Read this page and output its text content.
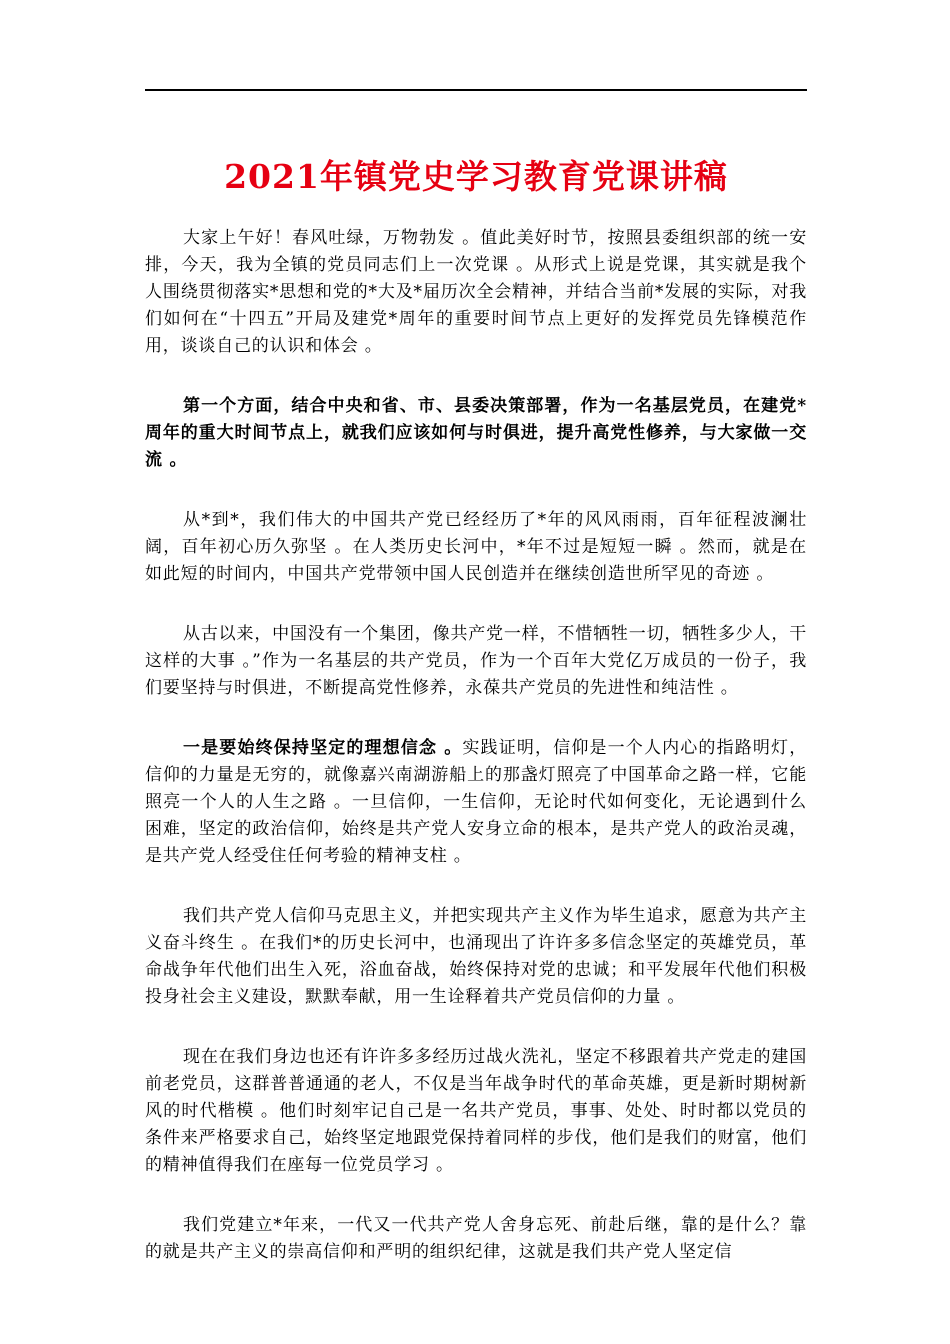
2021年镇党史学习教育党课讲稿

大家上午好！春风吐绿，万物勃发 。值此美好时节，按照县委组织部的统一安排，今天，我为全镇的党员同志们上一次党课 。从形式上说是党课，其实就是我个人围绕贯彻落实*思想和党的*大及*届历次全会精神，并结合当前*发展的实际，对我们如何在“十四五”开局及建党*周年的重要时间节点上更好的发挥党员先锋模范作用，谈谈自己的认识和体会 。

第一个方面，结合中央和省、市、县委决策部署，作为一名基层党员，在建党*周年的重大时间节点上，就我们应该如何与时俱进，提升高党性修养，与大家做一交流 。

从*到*，我们伟大的中国共产党已经经历了*年的风风雨雨，百年征程波澜壮阔，百年初心历久弥坚 。在人类历史长河中，*年不过是短短一瞬 。然而，就是在如此短的时间内，中国共产党带领中国人民创造并在继续创造世所罕见的奇迹 。

从古以来，中国没有一个集团，像共产党一样，不惜牺牲一切，牺牲多少人，干这样的大事 。”作为一名基层的共产党员，作为一个百年大党亿万成员的一份子，我们要坚持与时俱进，不断提高党性修养，永葆共产党员的先进性和纯洁性 。

一是要始终保持坚定的理想信念 。实践证明，信仰是一个人内心的指路明灯，信仰的力量是无穷的，就像嘉兴南湖游船上的那盏灯照亮了中国革命之路一样，它能照亮一个人的人生之路 。一旦信仰，一生信仰，无论时代如何变化，无论遇到什么困难，坚定的政治信仰，始终是共产党人安身立命的根本，是共产党人的政治灵魂，是共产党人经受住任何考验的精神支柱 。

我们共产党人信仰马克思主义，并把实现共产主义作为毕生追求，愿意为共产主义奋斗终生 。在我们*的历史长河中，也涌现出了许许多多信念坚定的英雄党员，革命战争年代他们出生入死，浴血奋战，始终保持对党的忠诚；和平发展年代他们积极投身社会主义建设，默默奉献，用一生诠释着共产党员信仰的力量 。

现在在我们身边也还有许许多多经历过战火洗礼，坚定不移跟着共产党走的建国前老党员，这群普普通通的老人，不仅是当年战争时代的革命英雄，更是新时期树新风的时代楷模 。他们时刻牢记自己是一名共产党员，事事、处处、时时都以党员的条件来严格要求自己，始终坚定地跟党保持着同样的步伐，他们是我们的财富，他们的精神值得我们在座每一位党员学习 。

我们党建立*年来，一代又一代共产党人舍身忘死、前赴后继，靠的是什么？靠的就是共产主义的崇高信仰和严明的组织纪律，这就是我们共产党人坚定信
